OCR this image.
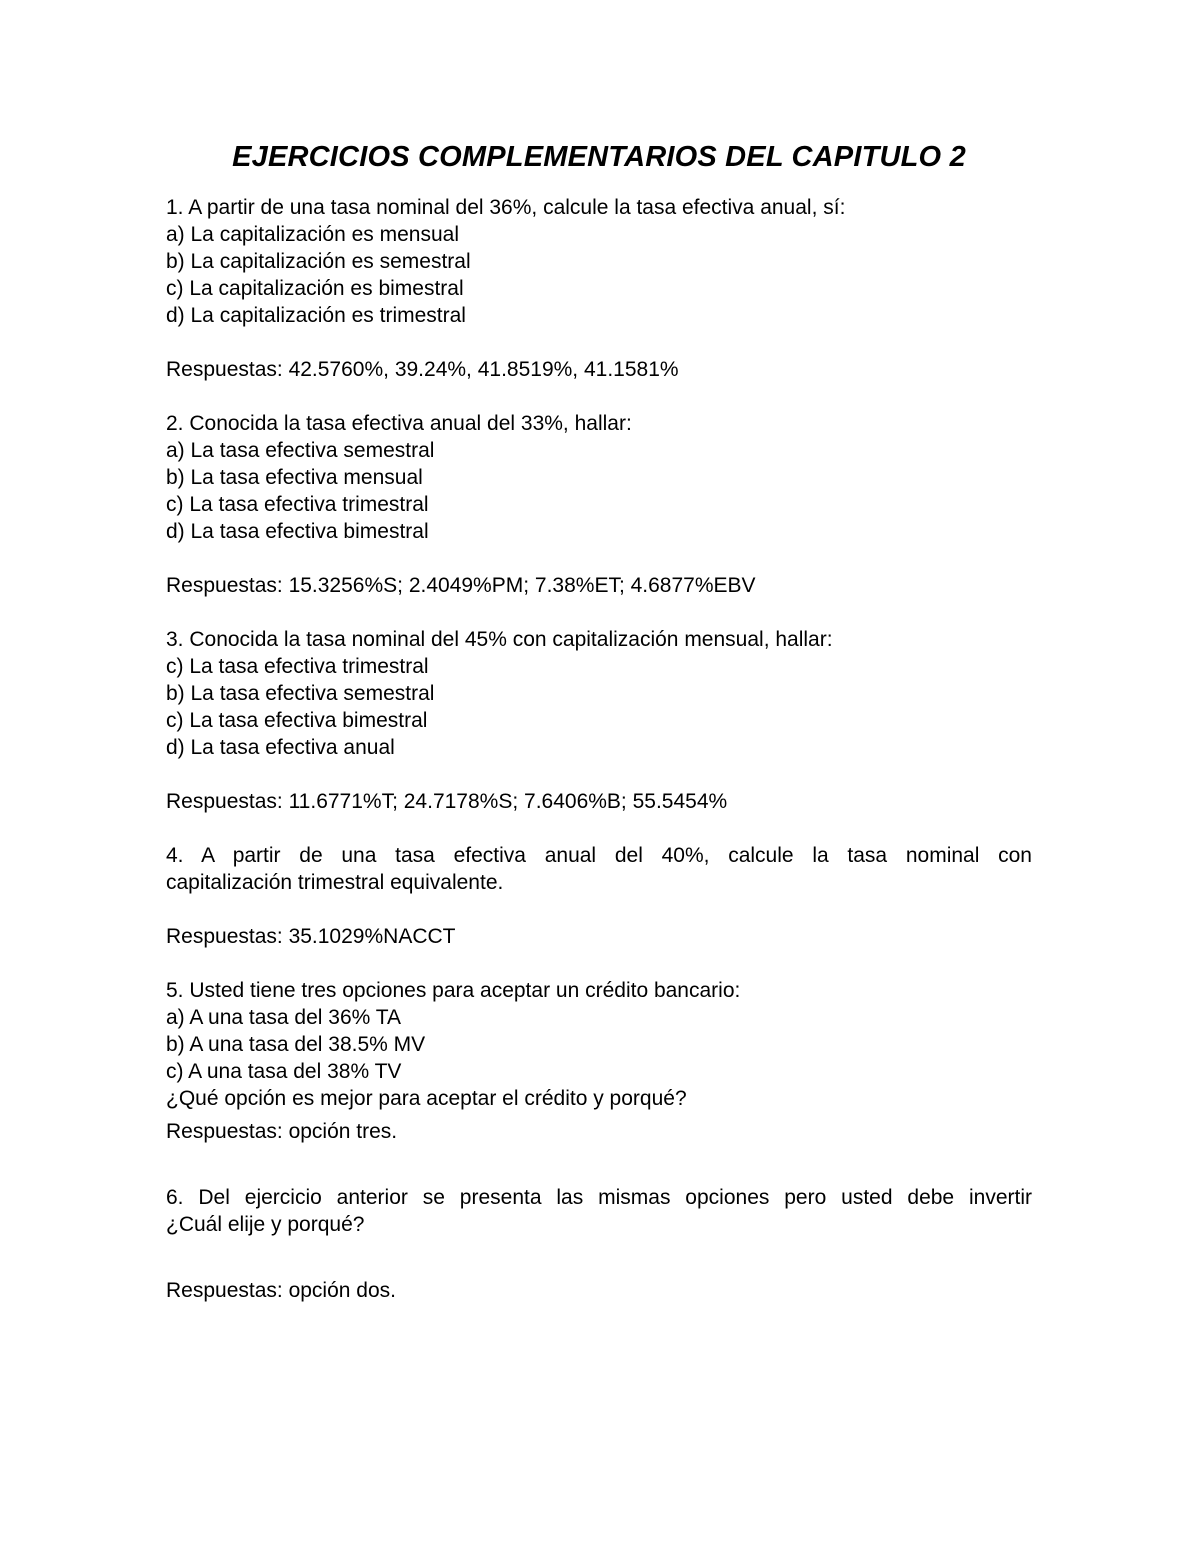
EJERCICIOS COMPLEMENTARIOS DEL CAPITULO 2
1. A partir de una tasa nominal del 36%, calcule la tasa efectiva anual, sí:
a) La capitalización es mensual
b) La capitalización es semestral
c) La capitalización es bimestral
d) La capitalización es trimestral
Respuestas: 42.5760%, 39.24%, 41.8519%, 41.1581%
2. Conocida la tasa efectiva anual del 33%, hallar:
a) La tasa efectiva semestral
b) La tasa efectiva mensual
c) La tasa efectiva trimestral
d) La tasa efectiva bimestral
Respuestas: 15.3256%S; 2.4049%PM; 7.38%ET; 4.6877%EBV
3. Conocida la tasa nominal del 45% con capitalización mensual, hallar:
c) La tasa efectiva trimestral
b) La tasa efectiva semestral
c) La tasa efectiva bimestral
d) La tasa efectiva anual
Respuestas: 11.6771%T; 24.7178%S; 7.6406%B; 55.5454%
4. A partir de una tasa efectiva anual del 40%, calcule la tasa nominal con
capitalización trimestral equivalente.
Respuestas: 35.1029%NACCT
5. Usted tiene tres opciones para aceptar un crédito bancario:
a) A una tasa del 36% TA
b) A una tasa del 38.5% MV
c) A una tasa del 38% TV
¿Qué opción es mejor para aceptar el crédito y porqué?
Respuestas: opción tres.
6. Del ejercicio anterior se presenta las mismas opciones pero usted debe invertir
¿Cuál elije y porqué?
Respuestas: opción dos.
